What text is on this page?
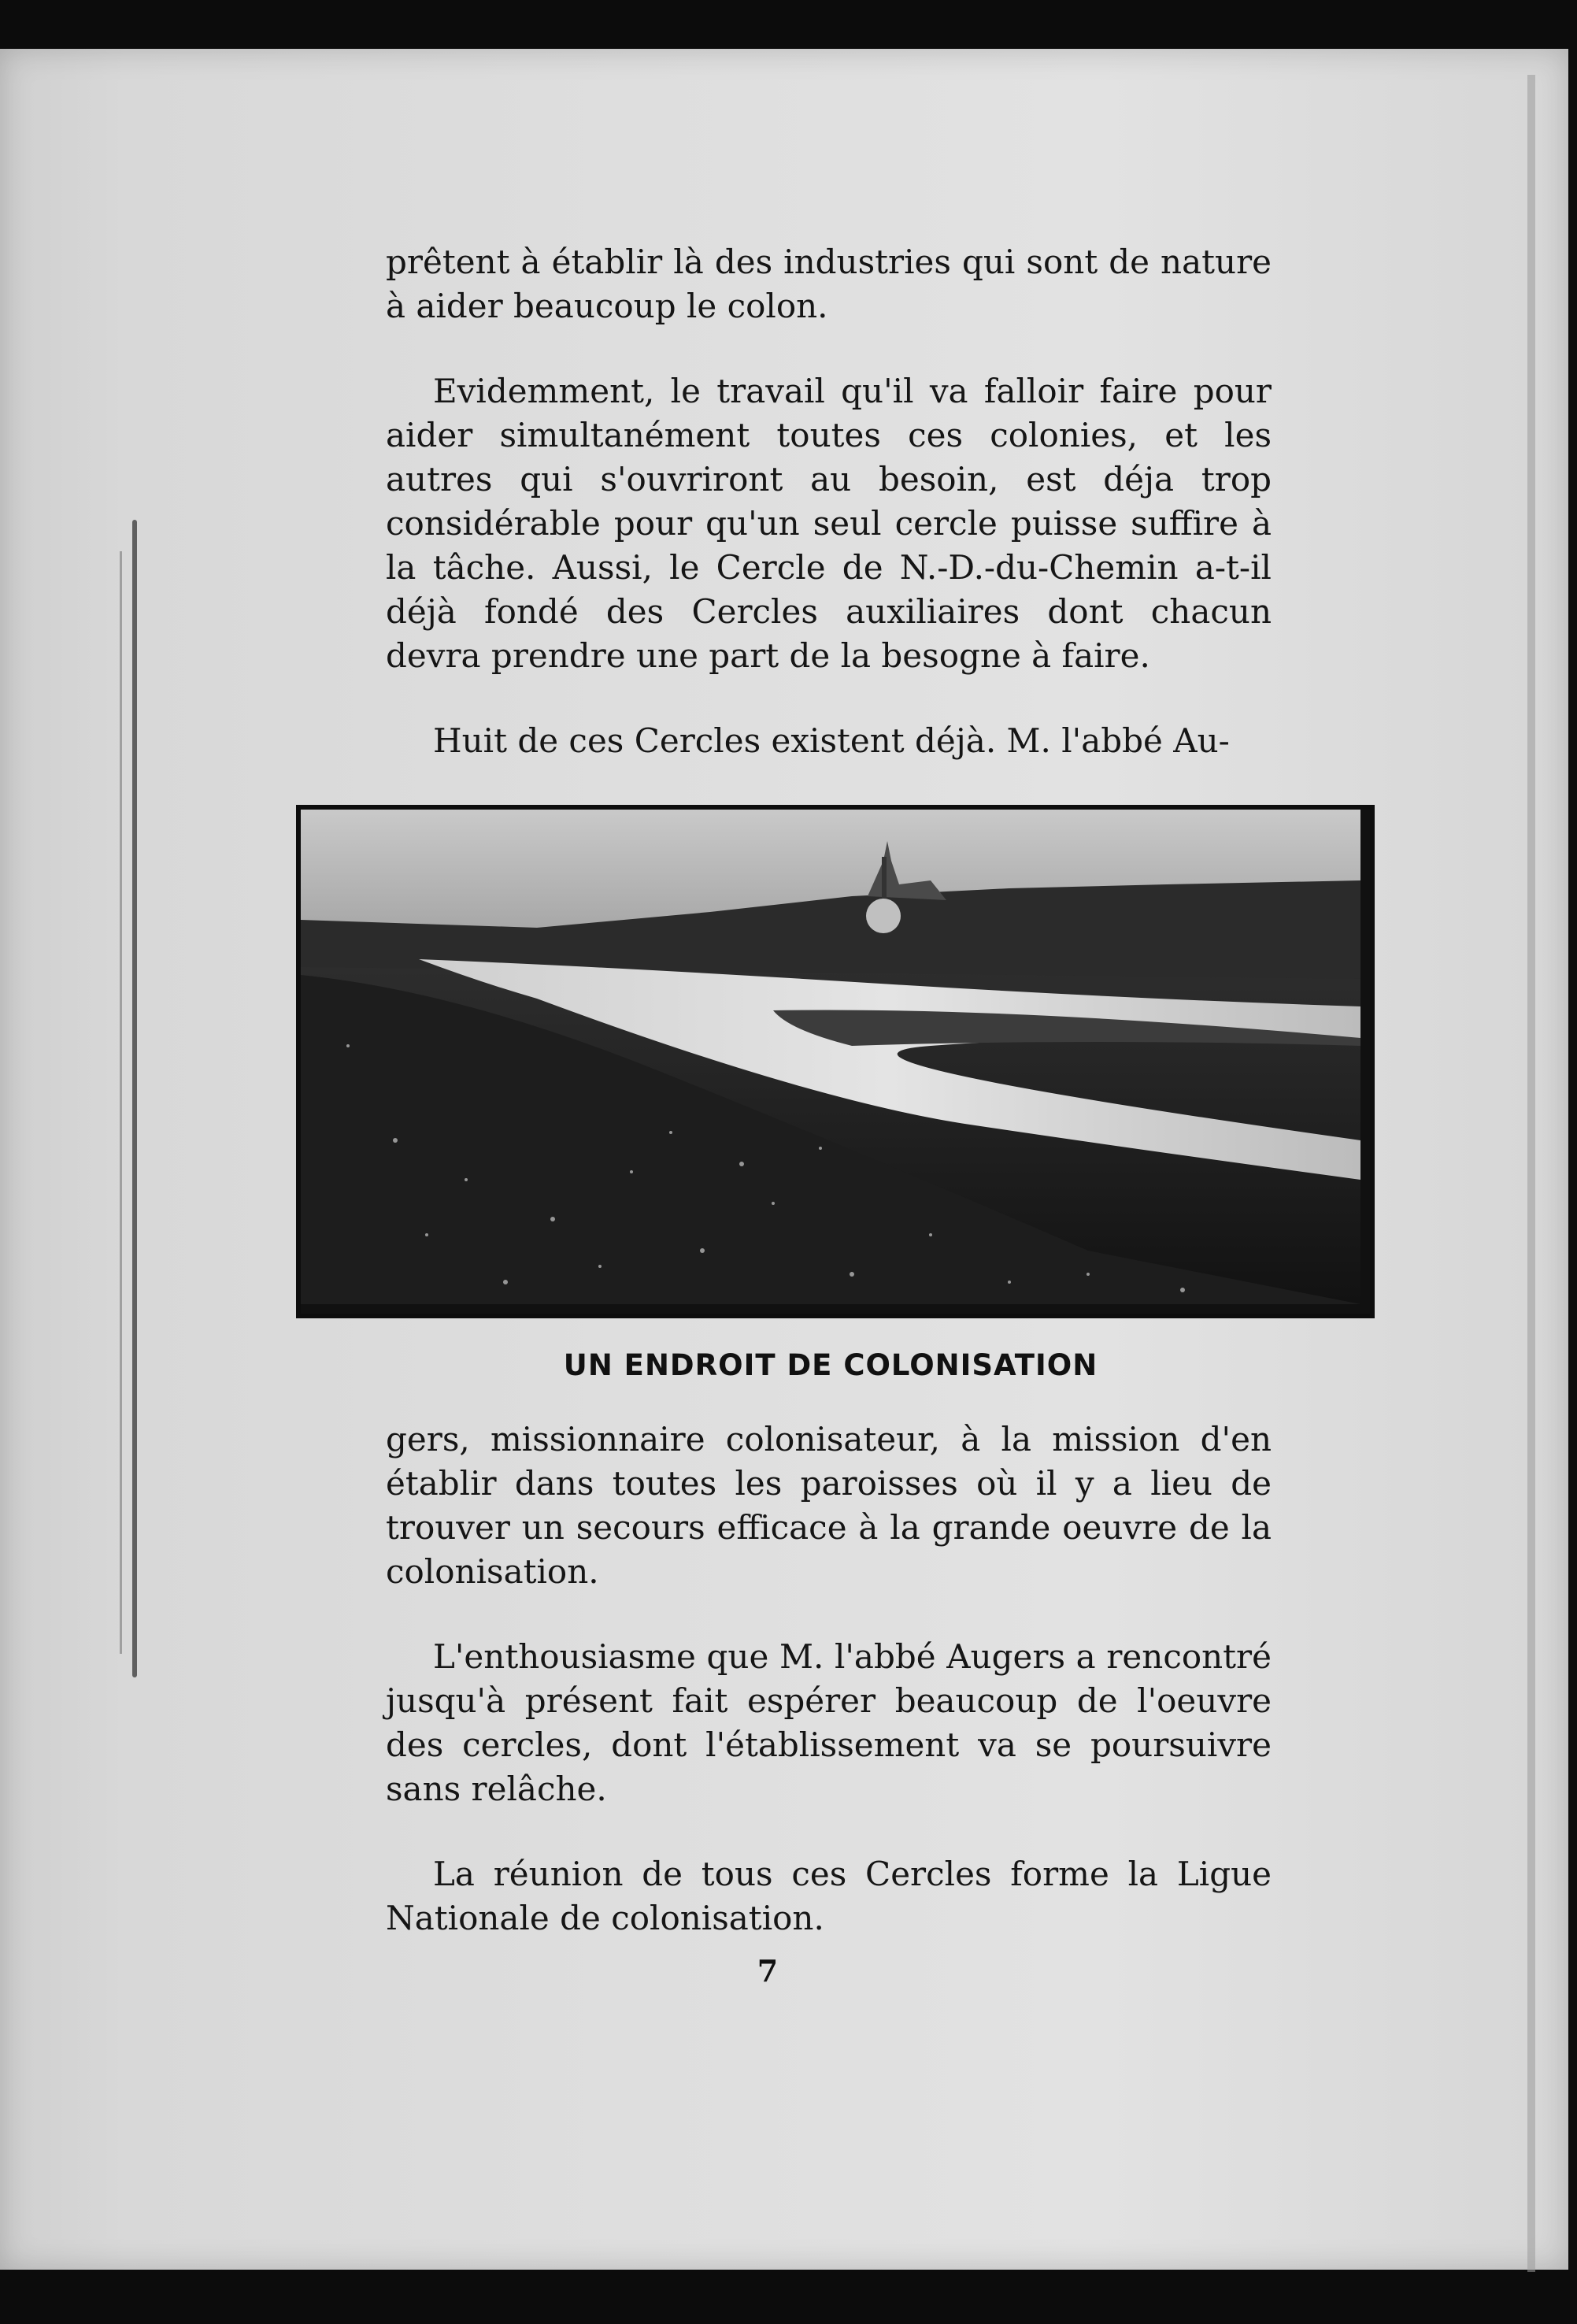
prêtent à établir là des industries qui sont de nature à aider beaucoup le colon.

Evidemment, le travail qu'il va falloir faire pour aider simultanément toutes ces colonies, et les autres qui s'ouvriront au besoin, est déja trop considérable pour qu'un seul cercle puisse suffire à la tâche. Aussi, le Cercle de N.-D.-du-Chemin a-t-il déjà fondé des Cercles auxiliaires dont chacun devra prendre une part de la besogne à faire.

Huit de ces Cercles existent déjà. M. l'abbé Au-

UN ENDROIT DE COLONISATION

gers, missionnaire colonisateur, à la mission d'en établir dans toutes les paroisses où il y a lieu de trouver un secours efficace à la grande oeuvre de la colonisation.

L'enthousiasme que M. l'abbé Augers a rencontré jusqu'à présent fait espérer beaucoup de l'oeuvre des cercles, dont l'établissement va se poursuivre sans relâche.

La réunion de tous ces Cercles forme la Ligue Nationale de colonisation.

7
